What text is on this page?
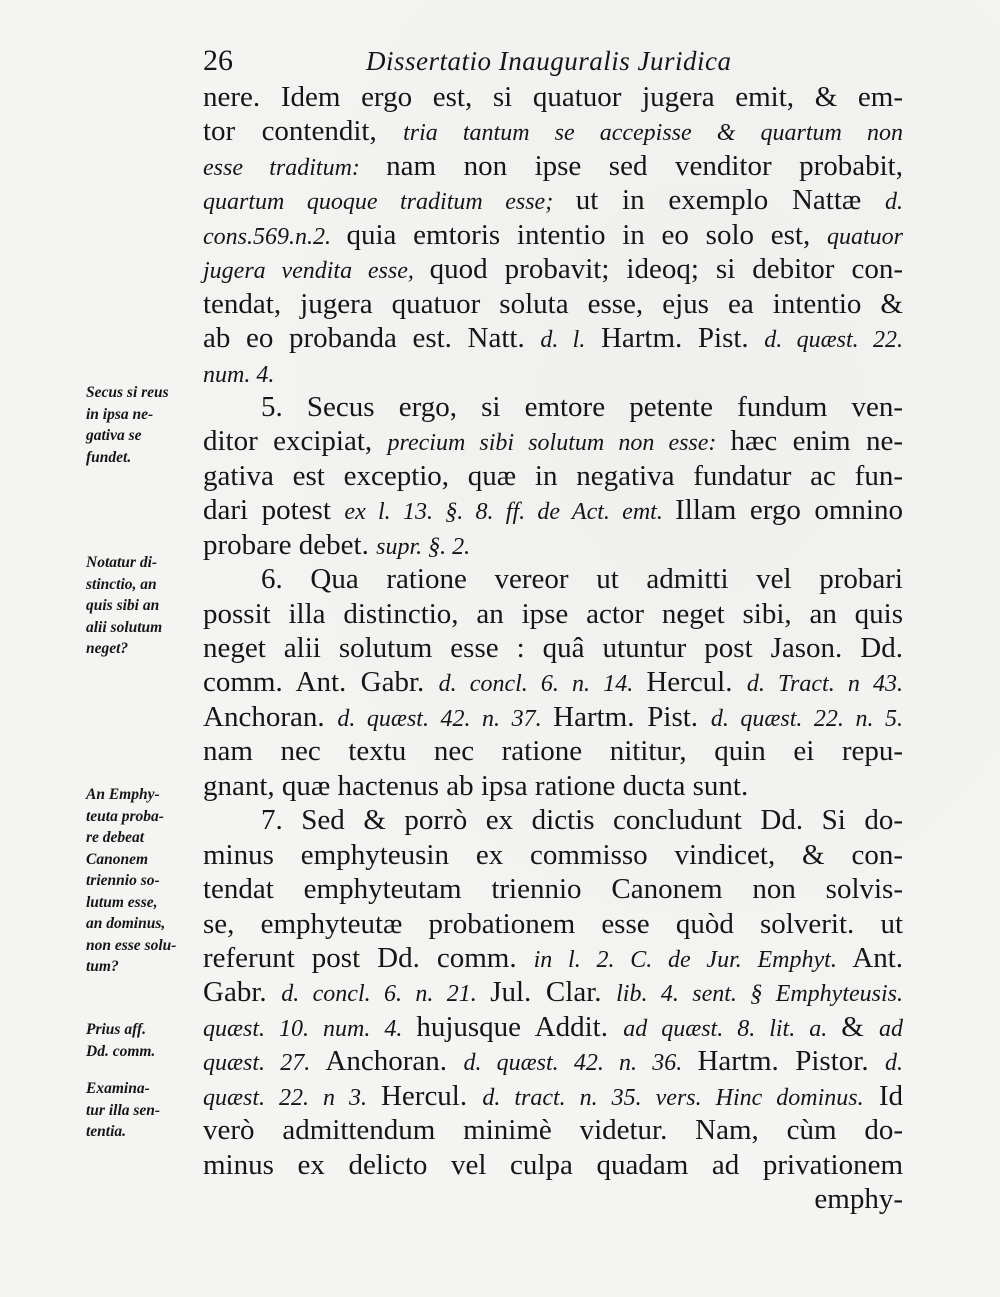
26	Dissertatio Inauguralis Juridica
Secus si reus
in ipsa ne-
gativa se
fundet.
Notatur di-
stinctio, an
quis sibi an
alii solutum
neget?
An Emphy-
teuta proba-
re debeat
Canonem
triennio so-
lutum esse,
an dominus,
non esse solu-
tum?
Prius aff.
Dd. comm.
Examina-
tur illa sen-
tentia.
nere. Idem ergo est, si quatuor jugera emit, & em-
tor contendit, tria tantum se accepisse & quartum non
esse traditum: nam non ipse sed venditor probabit,
quartum quoque traditum esse; ut in exemplo Nattæ d.
cons.569.n.2. quia emtoris intentio in eo solo est, quatuor
jugera vendita esse, quod probavit; ideoq; si debitor con-
tendat, jugera quatuor soluta esse, ejus ea intentio &
ab eo probanda est. Natt. d. l. Hartm. Pist. d. quæst. 22.
num. 4.
5. Secus ergo, si emtore petente fundum ven-
ditor excipiat, precium sibi solutum non esse: hæc enim ne-
gativa est exceptio, quæ in negativa fundatur ac fun-
dari potest ex l. 13. §. 8. ff. de Act. emt. Illam ergo omnino
probare debet. supr. §. 2.
6. Qua ratione vereor ut admitti vel probari
possit illa distinctio, an ipse actor neget sibi, an quis
neget alii solutum esse : quâ utuntur post Jason. Dd.
comm. Ant. Gabr. d. concl. 6. n. 14. Hercul. d. Tract. n 43.
Anchoran. d. quæst. 42. n. 37. Hartm. Pist. d. quæst. 22. n. 5.
nam nec textu nec ratione nititur, quin ei repu-
gnant, quæ hactenus ab ipsa ratione ducta sunt.
7. Sed & porrò ex dictis concludunt Dd. Si do-
minus emphyteusin ex commisso vindicet, & con-
tendat emphyteutam triennio Canonem non solvis-
se, emphyteutæ probationem esse quòd solverit. ut
referunt post Dd. comm. in l. 2. C. de Jur. Emphyt. Ant.
Gabr. d. concl. 6. n. 21. Jul. Clar. lib. 4. sent. § Emphyteusis.
quæst. 10. num. 4. hujusque Addit. ad quæst. 8. lit. a. & ad
quæst. 27. Anchoran. d. quæst. 42. n. 36. Hartm. Pistor. d.
quæst. 22. n 3. Hercul. d. tract. n. 35. vers. Hinc dominus. Id
verò admittendum minimè videtur. Nam, cùm do-
minus ex delicto vel culpa quadam ad privationem
emphy-
